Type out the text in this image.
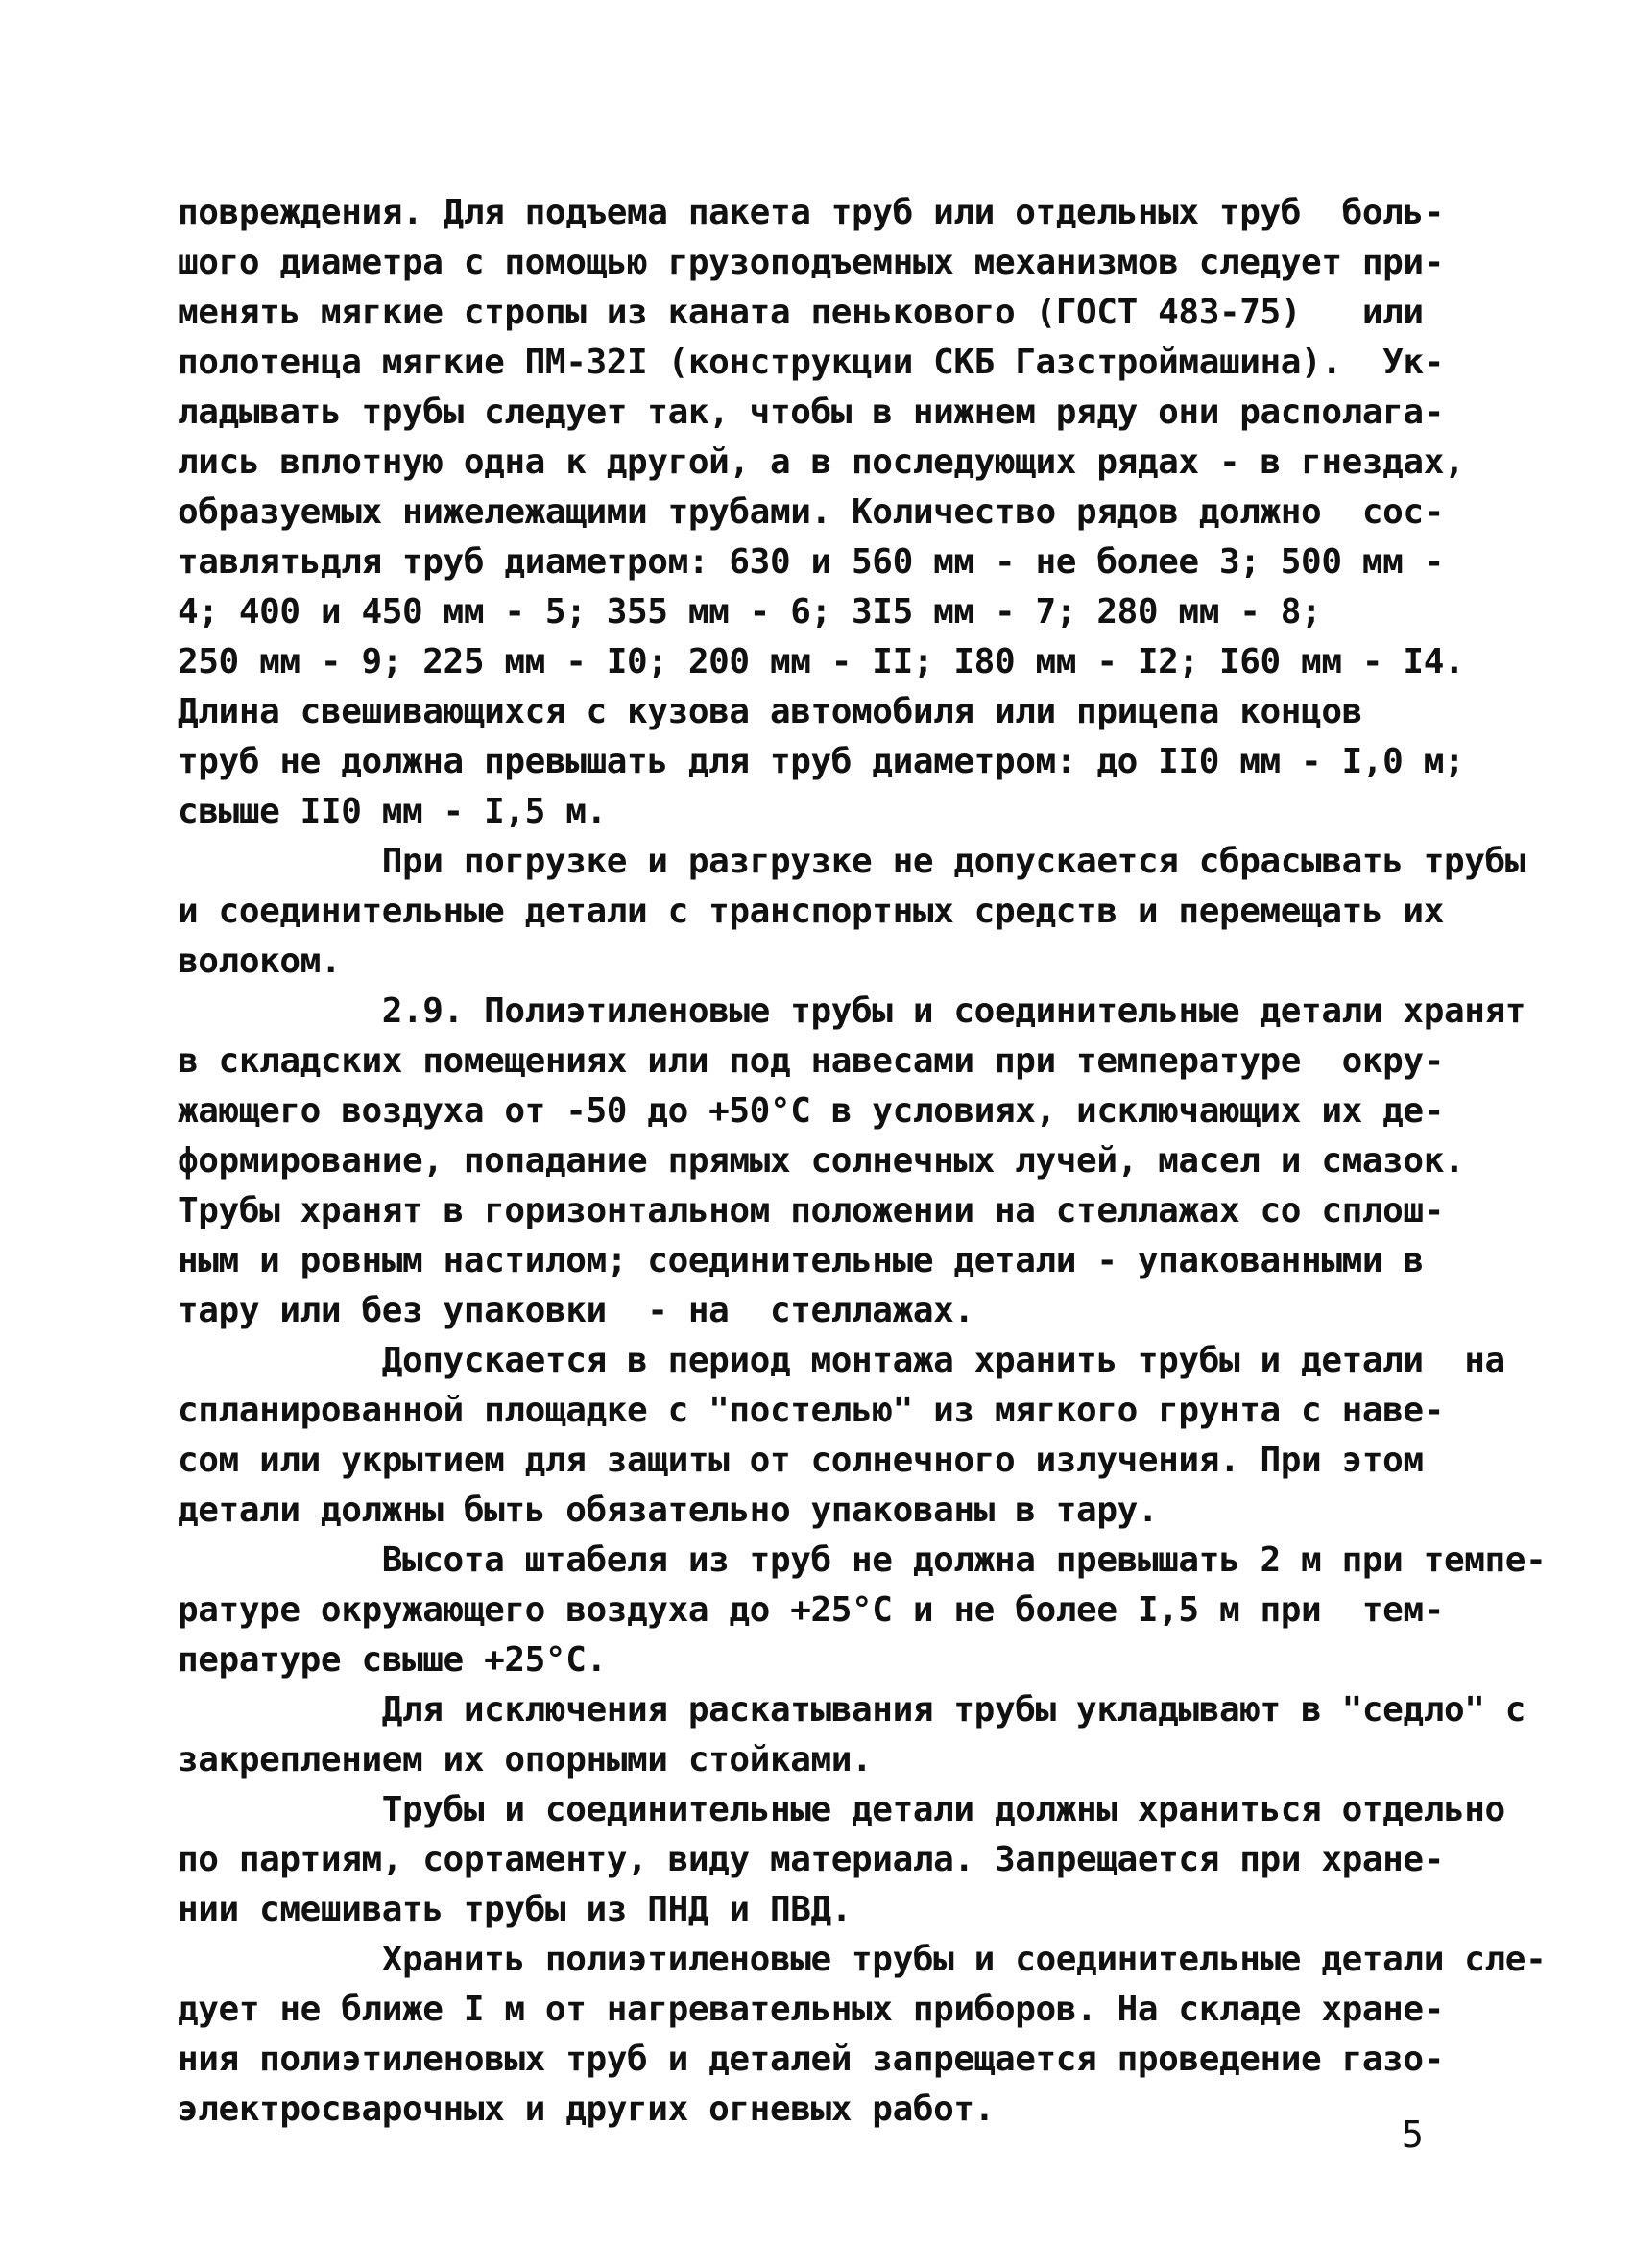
повреждения. Для подъема пакета труб или отдельных труб  боль-
шого диаметра с помощью грузоподъемных механизмов следует при-
менять мягкие стропы из каната пенькового (ГОСТ 483-75)   или
полотенца мягкие ПМ-32I (конструкции СКБ Газстроймашина).  Ук-
ладывать трубы следует так, чтобы в нижнем ряду они располага-
лись вплотную одна к другой, а в последующих рядах - в гнездах,
образуемых нижележащими трубами. Количество рядов должно  сос-
тавлятьдля труб диаметром: 630 и 560 мм - не более 3; 500 мм -
4; 400 и 450 мм - 5; 355 мм - 6; 3I5 мм - 7; 280 мм - 8;
250 мм - 9; 225 мм - I0; 200 мм - II; I80 мм - I2; I60 мм - I4.
Длина свешивающихся с кузова автомобиля или прицепа концов
труб не должна превышать для труб диаметром: до II0 мм - I,0 м;
свыше II0 мм - I,5 м.
При погрузке и разгрузке не допускается сбрасывать трубы
и соединительные детали с транспортных средств и перемещать их
волоком.
2.9. Полиэтиленовые трубы и соединительные детали хранят
в складских помещениях или под навесами при температуре  окру-
жающего воздуха от -50 до +50°С в условиях, исключающих их де-
формирование, попадание прямых солнечных лучей, масел и смазок.
Трубы хранят в горизонтальном положении на стеллажах со сплош-
ным и ровным настилом; соединительные детали - упакованными в
тару или без упаковки  - на  стеллажах.
Допускается в период монтажа хранить трубы и детали  на
спланированной площадке с "постелью" из мягкого грунта с наве-
сом или укрытием для защиты от солнечного излучения. При этом
детали должны быть обязательно упакованы в тару.
Высота штабеля из труб не должна превышать 2 м при темпе-
ратуре окружающего воздуха до +25°С и не более I,5 м при  тем-
пературе свыше +25°С.
Для исключения раскатывания трубы укладывают в "седло" с
закреплением их опорными стойками.
Трубы и соединительные детали должны храниться отдельно
по партиям, сортаменту, виду материала. Запрещается при хране-
нии смешивать трубы из ПНД и ПВД.
Хранить полиэтиленовые трубы и соединительные детали сле-
дует не ближе I м от нагревательных приборов. На складе хране-
ния полиэтиленовых труб и деталей запрещается проведение газо-
электросварочных и других огневых работ.
5
